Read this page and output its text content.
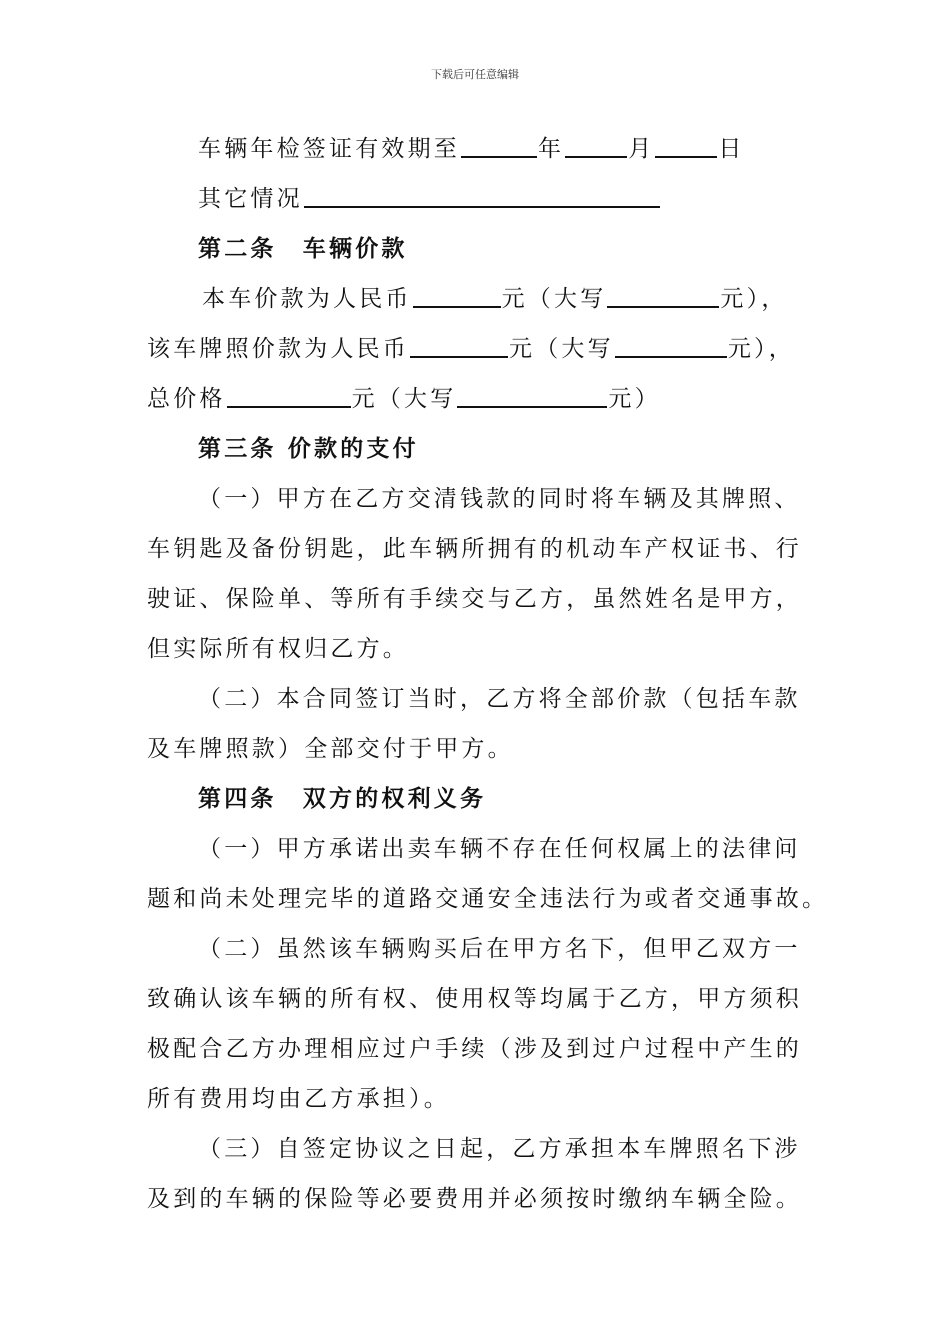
下载后可任意编辑
车辆年检签证有效期至	年	月	日
其它情况
第二条　车辆价款
本车价款为人民币	元（大写	元），
该车牌照价款为人民币	元（大写	元），
总价格	元（大写	元）
第三条 价款的支付
（一）甲方在乙方交清钱款的同时将车辆及其牌照、
车钥匙及备份钥匙，此车辆所拥有的机动车产权证书、行
驶证、保险单、等所有手续交与乙方，虽然姓名是甲方，
但实际所有权归乙方。
（二）本合同签订当时，乙方将全部价款（包括车款
及车牌照款）全部交付于甲方。
第四条　双方的权利义务
（一）甲方承诺出卖车辆不存在任何权属上的法律问
题和尚未处理完毕的道路交通安全违法行为或者交通事故。
（二）虽然该车辆购买后在甲方名下，但甲乙双方一
致确认该车辆的所有权、使用权等均属于乙方，甲方须积
极配合乙方办理相应过户手续（涉及到过户过程中产生的
所有费用均由乙方承担）。
（三）自签定协议之日起，乙方承担本车牌照名下涉
及到的车辆的保险等必要费用并必须按时缴纳车辆全险。
